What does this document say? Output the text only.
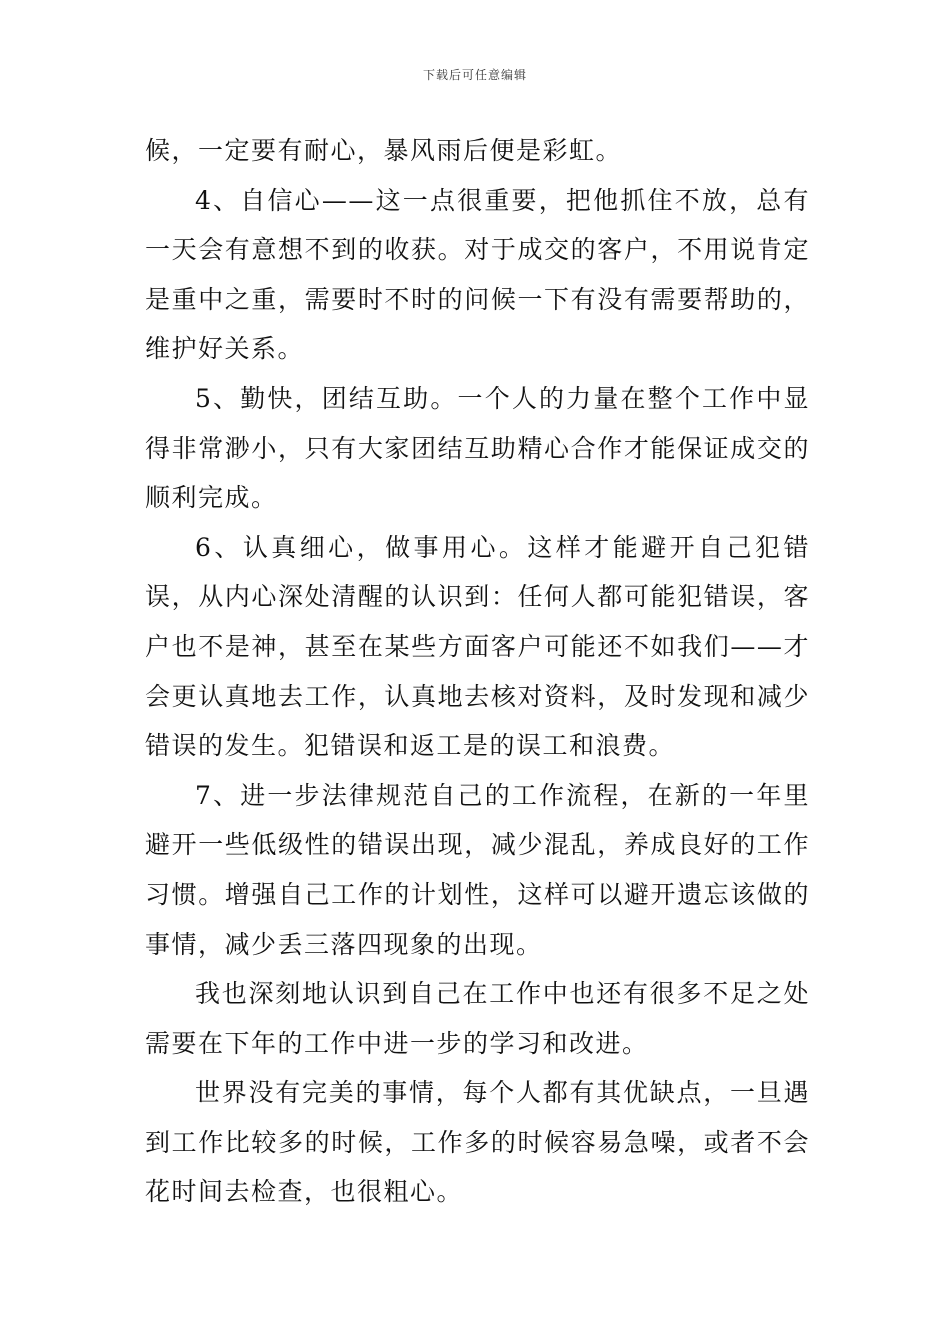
下载后可任意编辑

候，一定要有耐心，暴风雨后便是彩虹。

4、自信心——这一点很重要，把他抓住不放，总有一天会有意想不到的收获。对于成交的客户，不用说肯定是重中之重，需要时不时的问候一下有没有需要帮助的，维护好关系。

5、勤快，团结互助。一个人的力量在整个工作中显得非常渺小，只有大家团结互助精心合作才能保证成交的顺利完成。

6、认真细心，做事用心。这样才能避开自己犯错误，从内心深处清醒的认识到：任何人都可能犯错误，客户也不是神，甚至在某些方面客户可能还不如我们——才会更认真地去工作，认真地去核对资料，及时发现和减少错误的发生。犯错误和返工是的误工和浪费。

7、进一步法律规范自己的工作流程，在新的一年里避开一些低级性的错误出现，减少混乱，养成良好的工作习惯。增强自己工作的计划性，这样可以避开遗忘该做的事情，减少丢三落四现象的出现。

我也深刻地认识到自己在工作中也还有很多不足之处需要在下年的工作中进一步的学习和改进。

世界没有完美的事情，每个人都有其优缺点，一旦遇到工作比较多的时候，工作多的时候容易急噪，或者不会花时间去检查，也很粗心。
